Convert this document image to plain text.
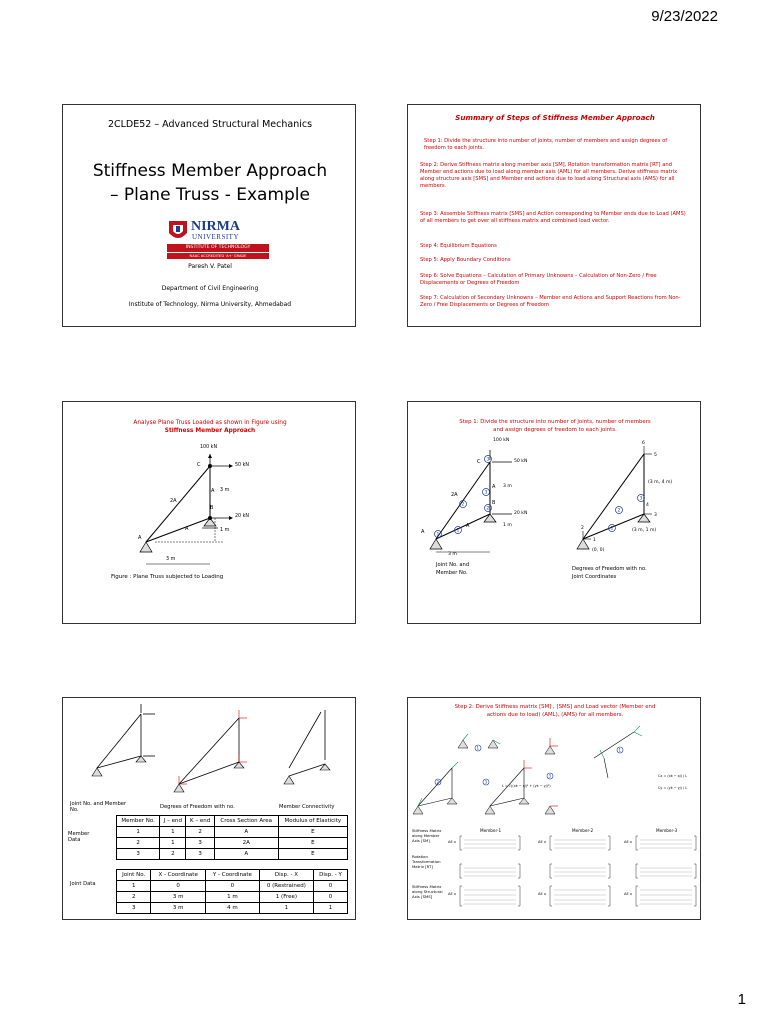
9/23/2022
2CLDE52 – Advanced Structural Mechanics
Stiffness Member Approach
– Plane Truss - Example
NIRMA
UNIVERSITY
INSTITUTE OF TECHNOLOGY
NAAC ACCREDITED 'A+' GRADE
Paresh V. Patel
Department of Civil Engineering
Institute of Technology, Nirma University, Ahmedabad
Summary of Steps of Stiffness Member Approach
Step 1: Divide the structure into number of joints, number of members and assign degrees of freedom to each joints.
Step 2: Derive Stiffness matrix along member axis [SM], Rotation transformation matrix [RT] and Member end actions due to load along member axis (AML) for all members. Derive stiffness matrix along structure axis [SMS] and Member end actions due to load along Structural axis (AMS) for all members.
Step 3: Assemble Stiffness matrix [SMS] and Action corresponding to Member ends due to Load (AMS) of all members to get over all stiffness matrix and combined load vector.
Step 4: Equilibrium Equations
Step 5: Apply Boundary Conditions
Step 6: Solve Equations – Calculation of Primary Unknowns – Calculation of Non-Zero / Free Displacements or Degrees of Freedom
Step 7: Calculation of Secondary Unknowns – Member end Actions and Support Reactions from Non-Zero / Free Displacements or Degrees of Freedom
Analyse Plane Truss Loaded as shown in Figure using
Stiffness Member Approach
100 kN
50 kN
20 kN
3 m
1 m
3 m
C
B
A
2A
A
A
Figure : Plane Truss subjected to Loading
Step 1: Divide the structure into number of joints, number of members
and assign degrees of freedom to each joints.
3
2
1
1
2
3
6
5
3
4
1
2
3
2
1
100 kN
50 kN
20 kN
3 m
1 m
3 m
C
B
A
2A
A
A
(3 m, 4 m)
(3 m, 1 m)
(0, 0)
Joint No. and
Member No.
Degrees of Freedom with no.
Joint Coordinates
Joint No. and Member No.	Degrees of Freedom with no.	Member Connectivity
Member Data
Member No.	J – end	K – end	Cross Section Area	Modulus of Elasticity
1	1	2	A	E
2	1	3	2A	E
3	2	3	A	E
Joint Data
Joint No.	X - Coordinate	Y - Coordinate	Disp. - X	Disp. - Y
1	0	0	0 (Restrained)	0
2	3 m	1 m	1 (Free)	0
3	3 m	4 m	1	1
Step 2: Derive Stiffness matrix [SM] , [SMS] and Load vector (Member end
actions due to load) (AML), (AMS) for all members.
1
2	3
3
1
L = √((xk − xj)² + (yk − yj)²)
Cx = (xk − xj) / L
Cy = (yk − yj) / L
Stiffness Matrix along Member Axis [SM]
Rotation Transformation Matrix [RT]
Stiffness Matrix along Structural Axis [SMS]
Member-1	Member-2	Member-3
AE x	AE x	AE x
AE x	AE x	AE x
1
